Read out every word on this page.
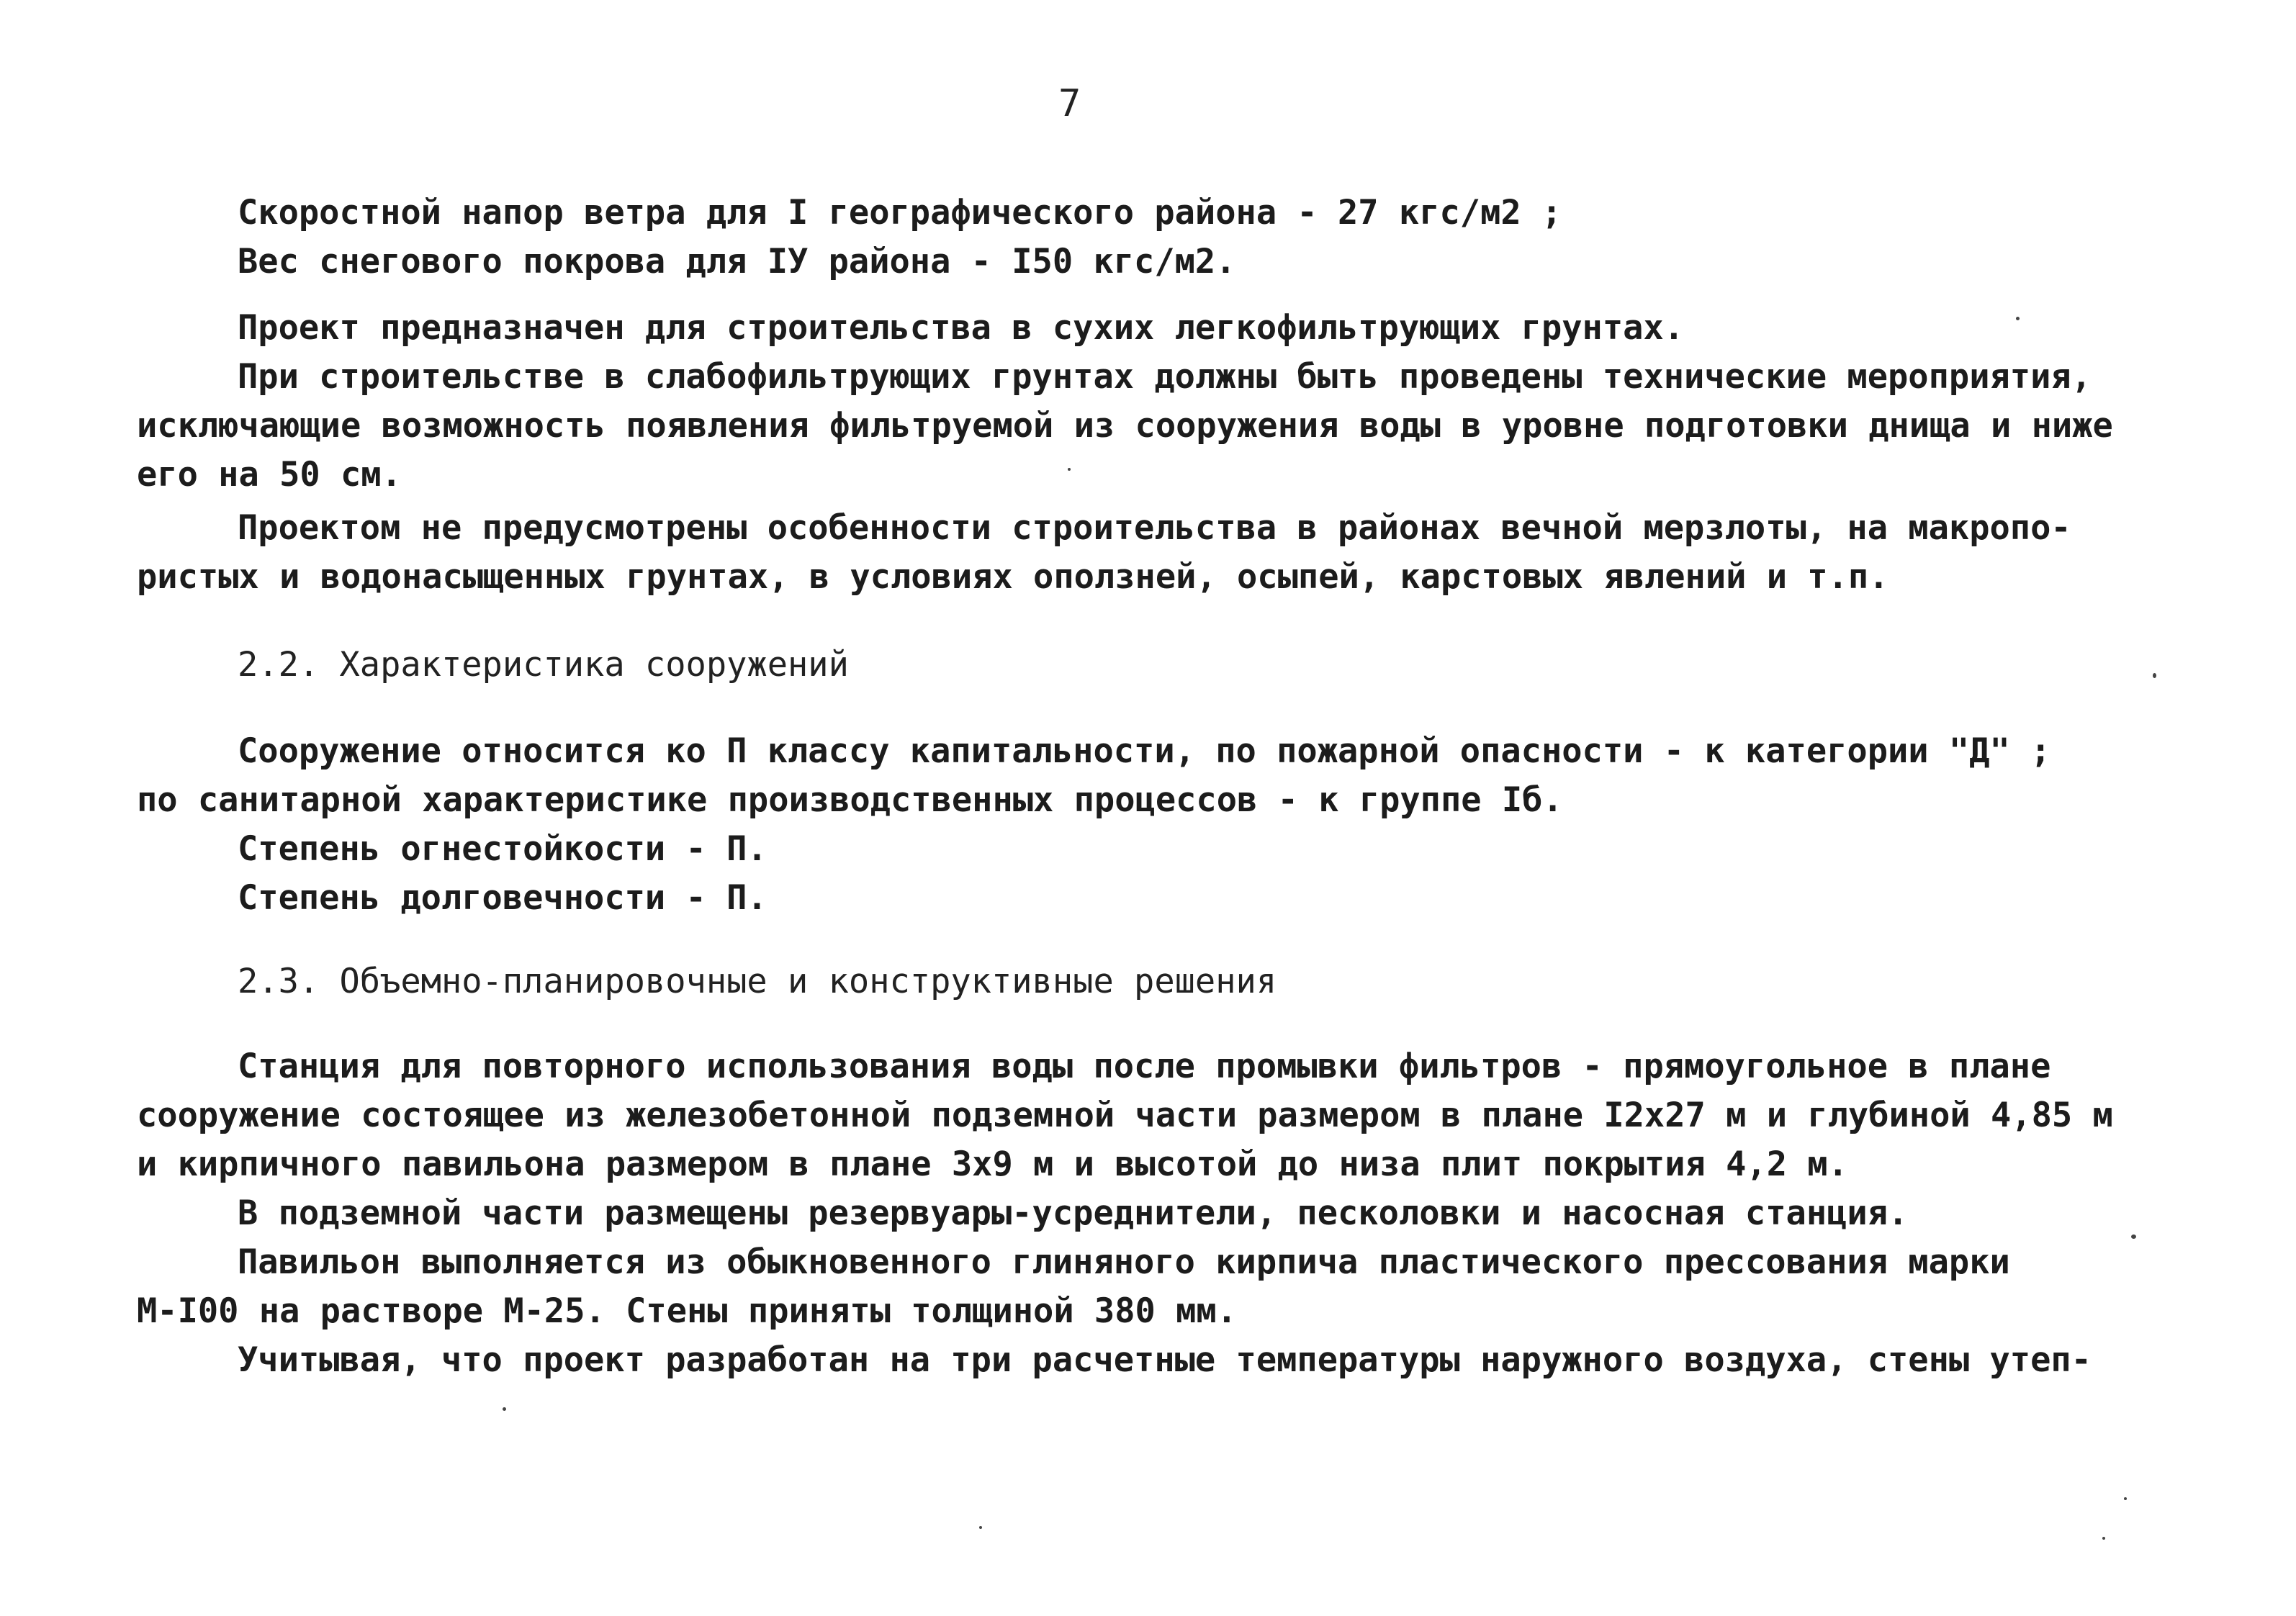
7
Скоростной напор ветра для I географического района - 27 кгс/м2 ;
Вес снегового покрова для IУ района - I50 кгс/м2.
Проект предназначен для строительства в сухих легкофильтрующих грунтах.
При строительстве в слабофильтрующих грунтах должны быть проведены технические мероприятия,
исключающие возможность появления фильтруемой из сооружения воды в уровне подготовки днища и ниже
его на 50 см.
Проектом не предусмотрены особенности строительства в районах вечной мерзлоты, на макропо-
ристых и водонасыщенных грунтах, в условиях оползней, осыпей, карстовых явлений и т.п.
2.2. Характеристика сооружений
Сооружение относится ко П классу капитальности, по пожарной опасности - к категории "Д" ;
по санитарной характеристике производственных процессов - к группе Iб.
Степень огнестойкости - П.
Степень долговечности - П.
2.3. Объемно-планировочные и конструктивные решения
Станция для повторного использования воды после промывки фильтров - прямоугольное в плане
сооружение состоящее из железобетонной подземной части размером в плане I2x27 м и глубиной 4,85 м
и кирпичного павильона размером в плане 3x9 м и высотой до низа плит покрытия 4,2 м.
В подземной части размещены резервуары-усреднители, песколовки и насосная станция.
Павильон выполняется из обыкновенного глиняного кирпича пластического прессования марки
М-I00 на растворе М-25. Стены приняты толщиной 380 мм.
Учитывая, что проект разработан на три расчетные температуры наружного воздуха, стены утеп-
